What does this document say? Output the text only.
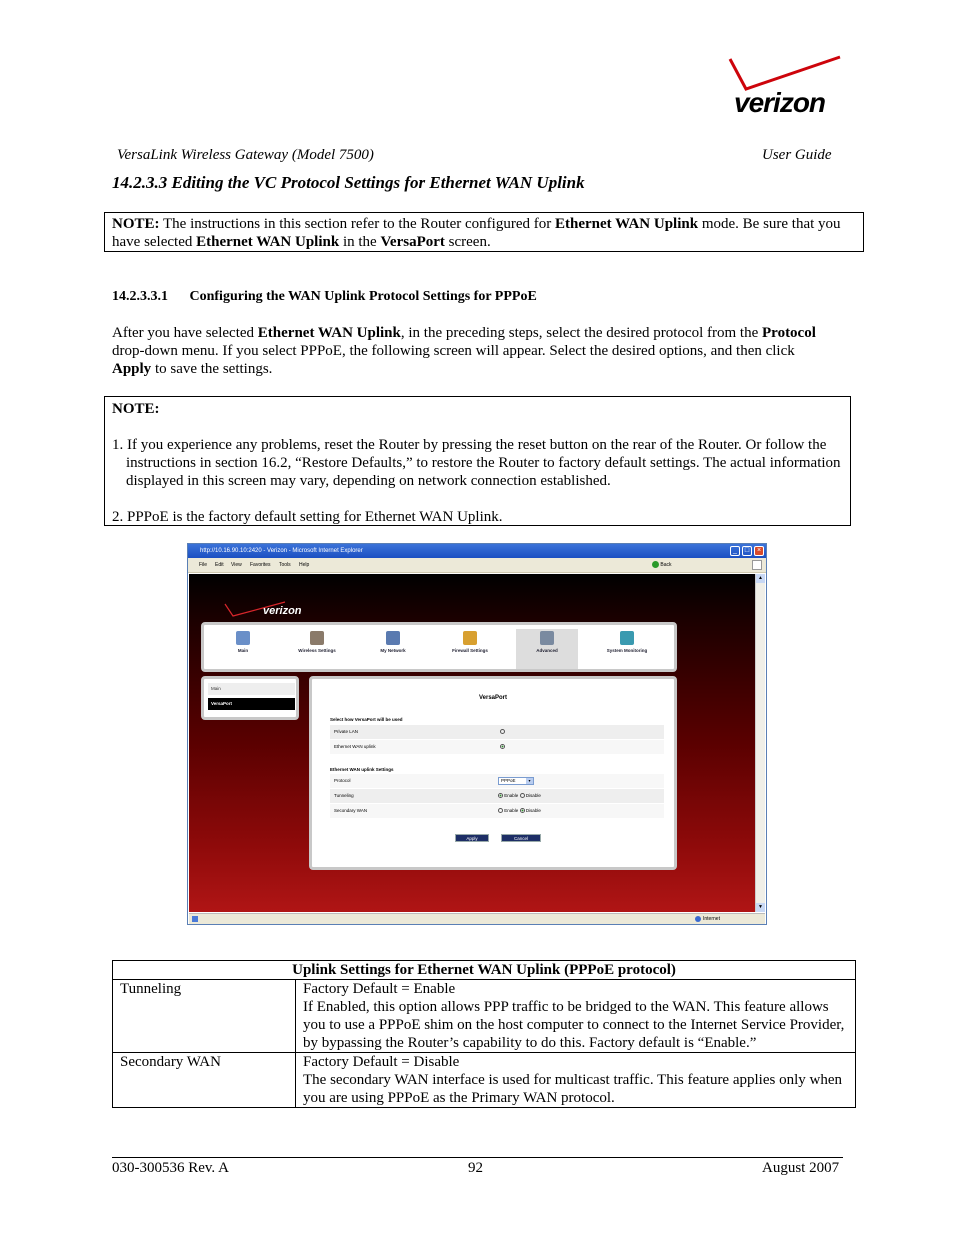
verizon
VersaLink Wireless Gateway (Model 7500)	User Guide
14.2.3.3 Editing the VC Protocol Settings for Ethernet WAN Uplink

NOTE: The instructions in this section refer to the Router configured for Ethernet WAN Uplink mode. Be sure that you have selected Ethernet WAN Uplink in the VersaPort screen.

14.2.3.3.1 Configuring the WAN Uplink Protocol Settings for PPPoE

After you have selected Ethernet WAN Uplink, in the preceding steps, select the desired protocol from the Protocol drop-down menu. If you select PPPoE, the following screen will appear. Select the desired options, and then click Apply to save the settings.

NOTE:

1. If you experience any problems, reset the Router by pressing the reset button on the rear of the Router. Or follow the instructions in section 16.2, “Restore Defaults,” to restore the Router to factory default settings. The actual information displayed in this screen may vary, depending on network connection established.

2. PPPoE is the factory default setting for Ethernet WAN Uplink.

http://10.16.90.10:2420 - Verizon - Microsoft Internet Explorer	_	□	×
File Edit View Favorites Tools Help	Back
verizon
Main	Wireless Settings	My Network	Firewall Settings	Advanced	System Monitoring
Main
VersaPort
VersaPort
Select how VersaPort will be used
Private LAN
Ethernet WAN uplink
Ethernet WAN uplink Settings
Protocol	PPPoE	▾
Tunneling	Enable Disable
Secondary WAN	Enable Disable
Apply	Cancel
▲
▼
Internet
Uplink Settings for Ethernet WAN Uplink (PPPoE protocol)	
Tunneling	Factory Default = Enable
If Enabled, this option allows PPP traffic to be bridged to the WAN. This feature allows you to use a PPPoE shim on the host computer to connect to the Internet Service Provider, by bypassing the Router’s capability to do this. Factory default is “Enable.”

Secondary WAN	Factory Default = Disable
The secondary WAN interface is used for multicast traffic. This feature applies only when you are using PPPoE as the Primary WAN protocol.
030-300536 Rev. A	92	August 2007
